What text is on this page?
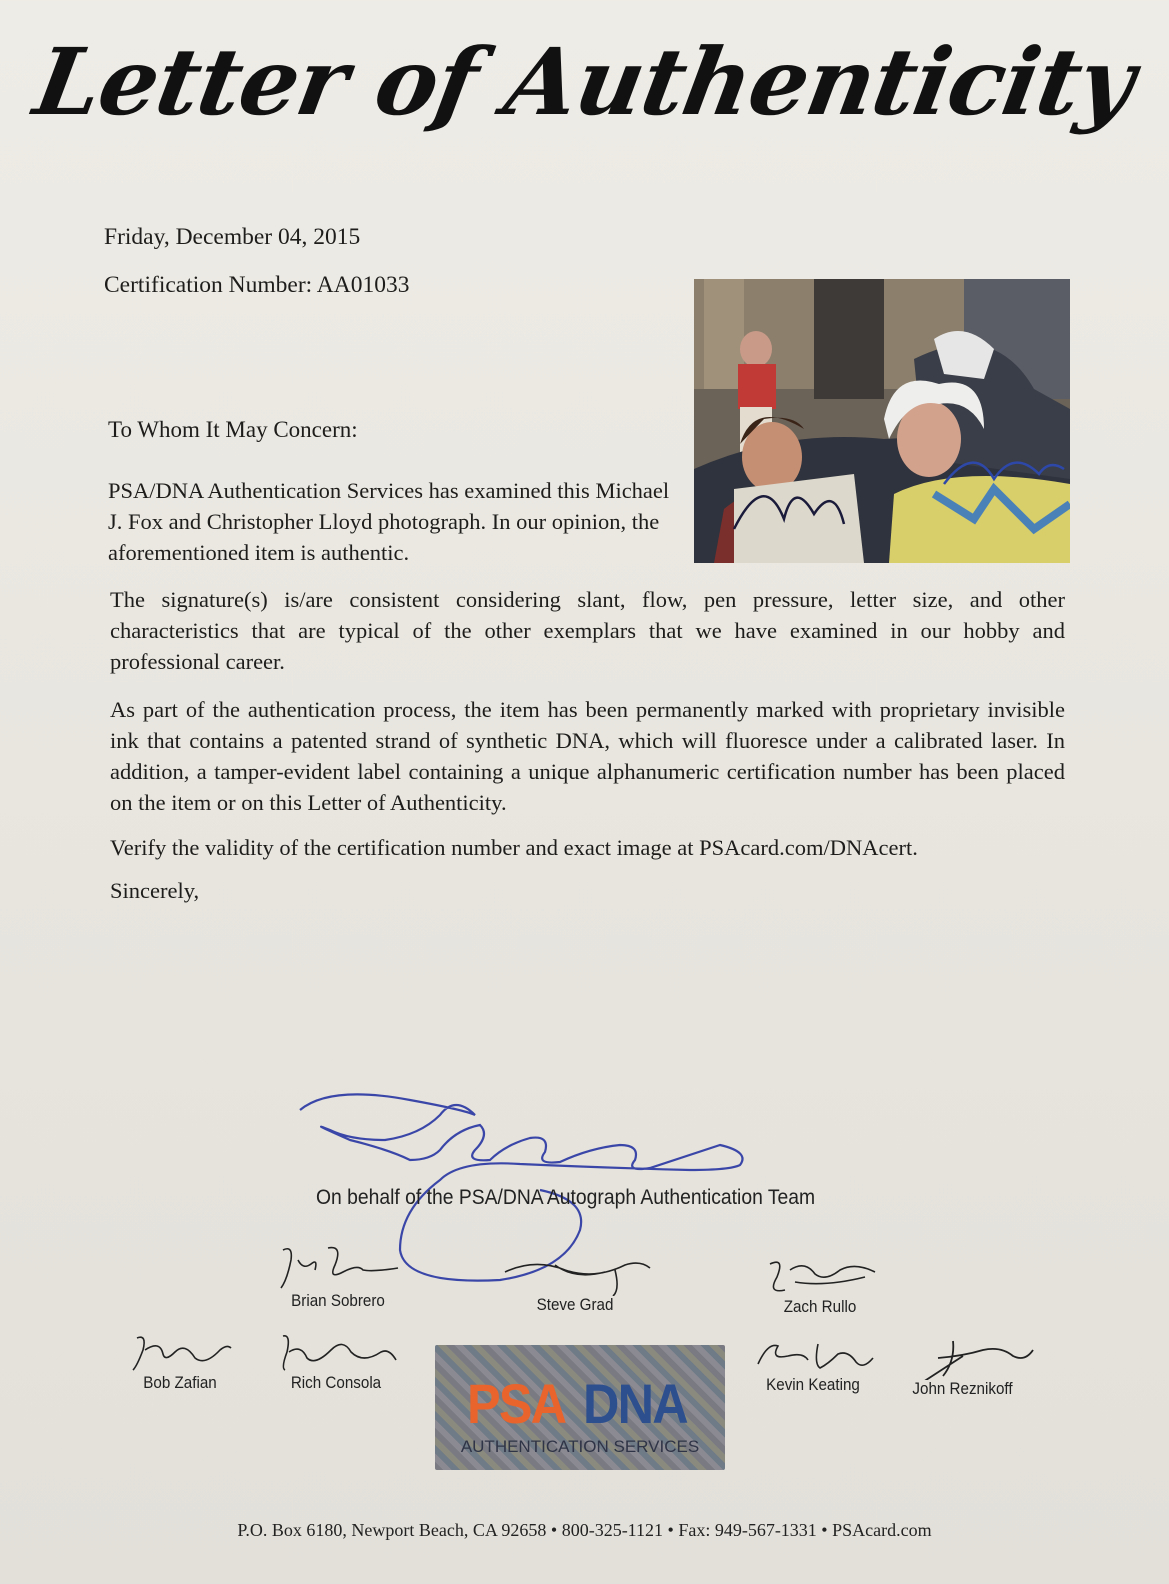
Letter of Authenticity
Friday, December 04, 2015
Certification Number: AA01033
To Whom It May Concern:

PSA/DNA Authentication Services has examined this Michael J. Fox and Christopher Lloyd photograph. In our opinion, the aforementioned item is authentic.

The signature(s) is/are consistent considering slant, flow, pen pressure, letter size, and other characteristics that are typical of the other exemplars that we have examined in our hobby and professional career.

As part of the authentication process, the item has been permanently marked with proprietary invisible ink that contains a patented strand of synthetic DNA, which will fluoresce under a calibrated laser. In addition, a tamper-evident label containing a unique alphanumeric certification number has been placed on the item or on this Letter of Authenticity.

Verify the validity of the certification number and exact image at PSAcard.com/DNAcert.

Sincerely,

On behalf of the PSA/DNA Autograph Authentication Team
Brian Sobrero	Steve Grad	Zach Rullo
Bob Zafian	Rich Consola	Kevin Keating	John Reznikoff
PSA DNA
AUTHENTICATION SERVICES
P.O. Box 6180, Newport Beach, CA 92658 • 800-325-1121 • Fax: 949-567-1331 • PSAcard.com
